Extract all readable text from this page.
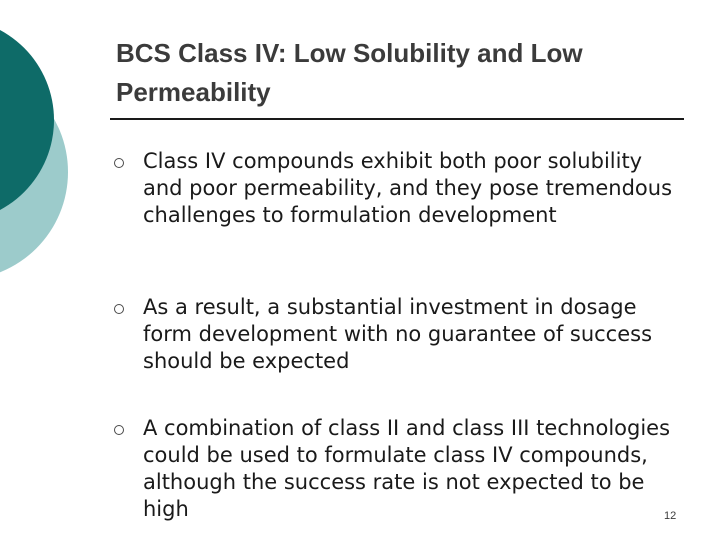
BCS Class IV: Low Solubility and Low Permeability
Class IV compounds exhibit both poor solubility and poor permeability, and they pose tremendous challenges to formulation development
As a result, a substantial investment in dosage form development with no guarantee of success should be expected
A combination of class II and class III technologies could be used to formulate class IV compounds, although the success rate is not expected to be high	12
